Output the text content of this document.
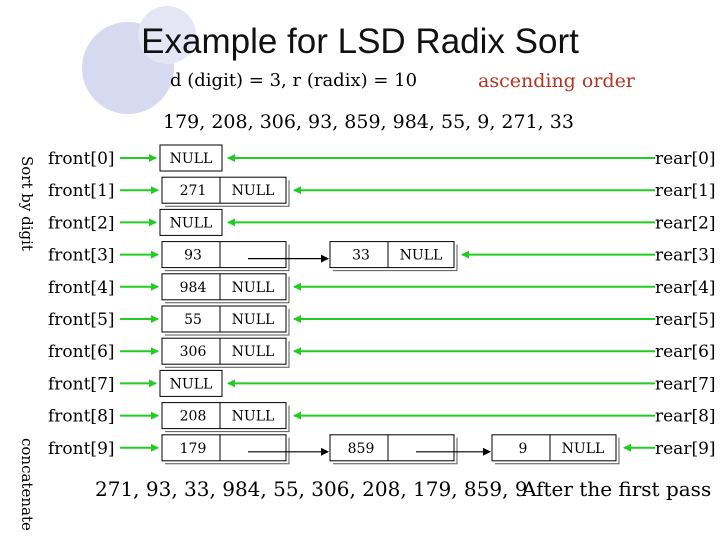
Example for LSD Radix Sort
d (digit) = 3, r (radix) = 10	ascending order
179, 208, 306, 93, 859, 984, 55, 9, 271, 33
Sort by digit
concatenate
front[0]	rear[0]
NULL
front[1]	rear[1]
271 NULL
front[2]	rear[2]
NULL
front[3]	rear[3]
93	33 NULL
front[4]	rear[4]
984 NULL
front[5]	rear[5]
55 NULL
front[6]	rear[6]
306 NULL
front[7]	rear[7]
NULL
front[8]	rear[8]
208 NULL
front[9]	rear[9]
179	859	9 NULL
271, 93, 33, 984, 55, 306, 208, 179, 859, 9
After the first pass
